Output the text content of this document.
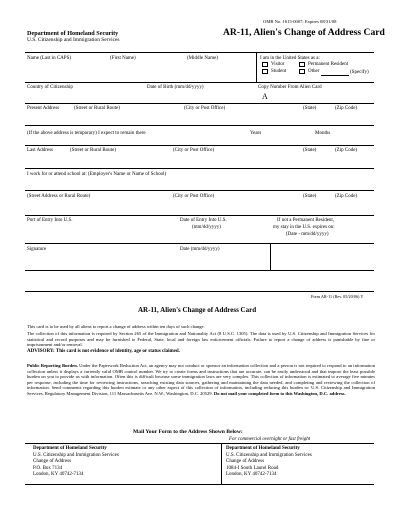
OMB No. 1615-0007; Expires 08/31/08
Department of Homeland Security
U.S. Citizenship and Immigration Services
AR-11, Alien's Change of Address Card
Name (Last in CAPS)	(First Name)	(Middle Name)	I am in the United States as a:
Visitor	Permanent Resident
Student	Other	(Specify)
Country of Citizenship	Date of Birth (mm/dd/yyyy)	Copy Number From Alien Card
A
Present Address	(Street or Rural Route)	(City or Post Office)	(State)	(Zip Code)
(If the above address is temporary) I expect to remain there	Years	Months
Last Address	(Street or Rural Route)	(City or Post Office)	(State)	(Zip Code)
I work for or attend school at: (Employer's Name or Name of School)
(Street Address or Rural Route)	(City or Post Office)	(State)	(Zip Code)
Port of Entry Into U.S.	Date of Entry Into U.S.
(mm/dd/yyyy)
If not a Permanent Resident,
my stay in the U.S. expires on:
(Date - mm/dd/yyyy)
Signature	Date (mm/dd/yyyy)
Form AR-11 (Rev. 05/20/06) Y
AR-11, Alien's Change of Address Card
This card is to be used by all aliens to report a change of address within ten days of such change.
The collection of this information is required by Section 265 of the Immigration and Nationality Act (8 U.S.C. 1305). The data is used by U.S. Citizenship and Immigration Services for statistical and record purposes and may be furnished to Federal, State, local and foreign law enforcement officials. Failure to report a change of address is punishable by fine or imprisonment and/or removal.
ADVISORY: This card is not evidence of identity, age or status claimed.
Public Reporting Burden. Under the Paperwork Reduction Act, an agency may not conduct or sponsor an information collection and a person is not required to respond to an information collection unless it displays a currently valid OMB control number. We try to create forms and instructions that are accurate, can be easily understood and that impose the least possible burden on you to provide us with information. Often this is difficult because some immigration laws are very complex. This collection of information is estimated to average five minutes per response, including the time for reviewing instructions, searching existing data sources, gathering and maintaining the data needed, and completing and reviewing the collection of information. Send comments regarding this burden estimate or any other aspect of this collection of information, including reducing this burden to: U.S. Citizenship and Immigration Services, Regulatory Management Division, 111 Massachusetts Ave. N.W., Washington, D.C. 20529. Do not mail your completed form to this Washington, D.C. address.
Mail Your Form to the Address Shown Below:
For commercial overnight or fast freight
Department of Homeland Security
U.S. Citizenship and Immigration Services
Change of Address
P.O. Box 7134
London, KY 40742-7134
Department of Homeland Security
U.S. Citizenship and Immigration Services
Change of Address
1084-I South Laurel Road
London, KY 40742-7134
